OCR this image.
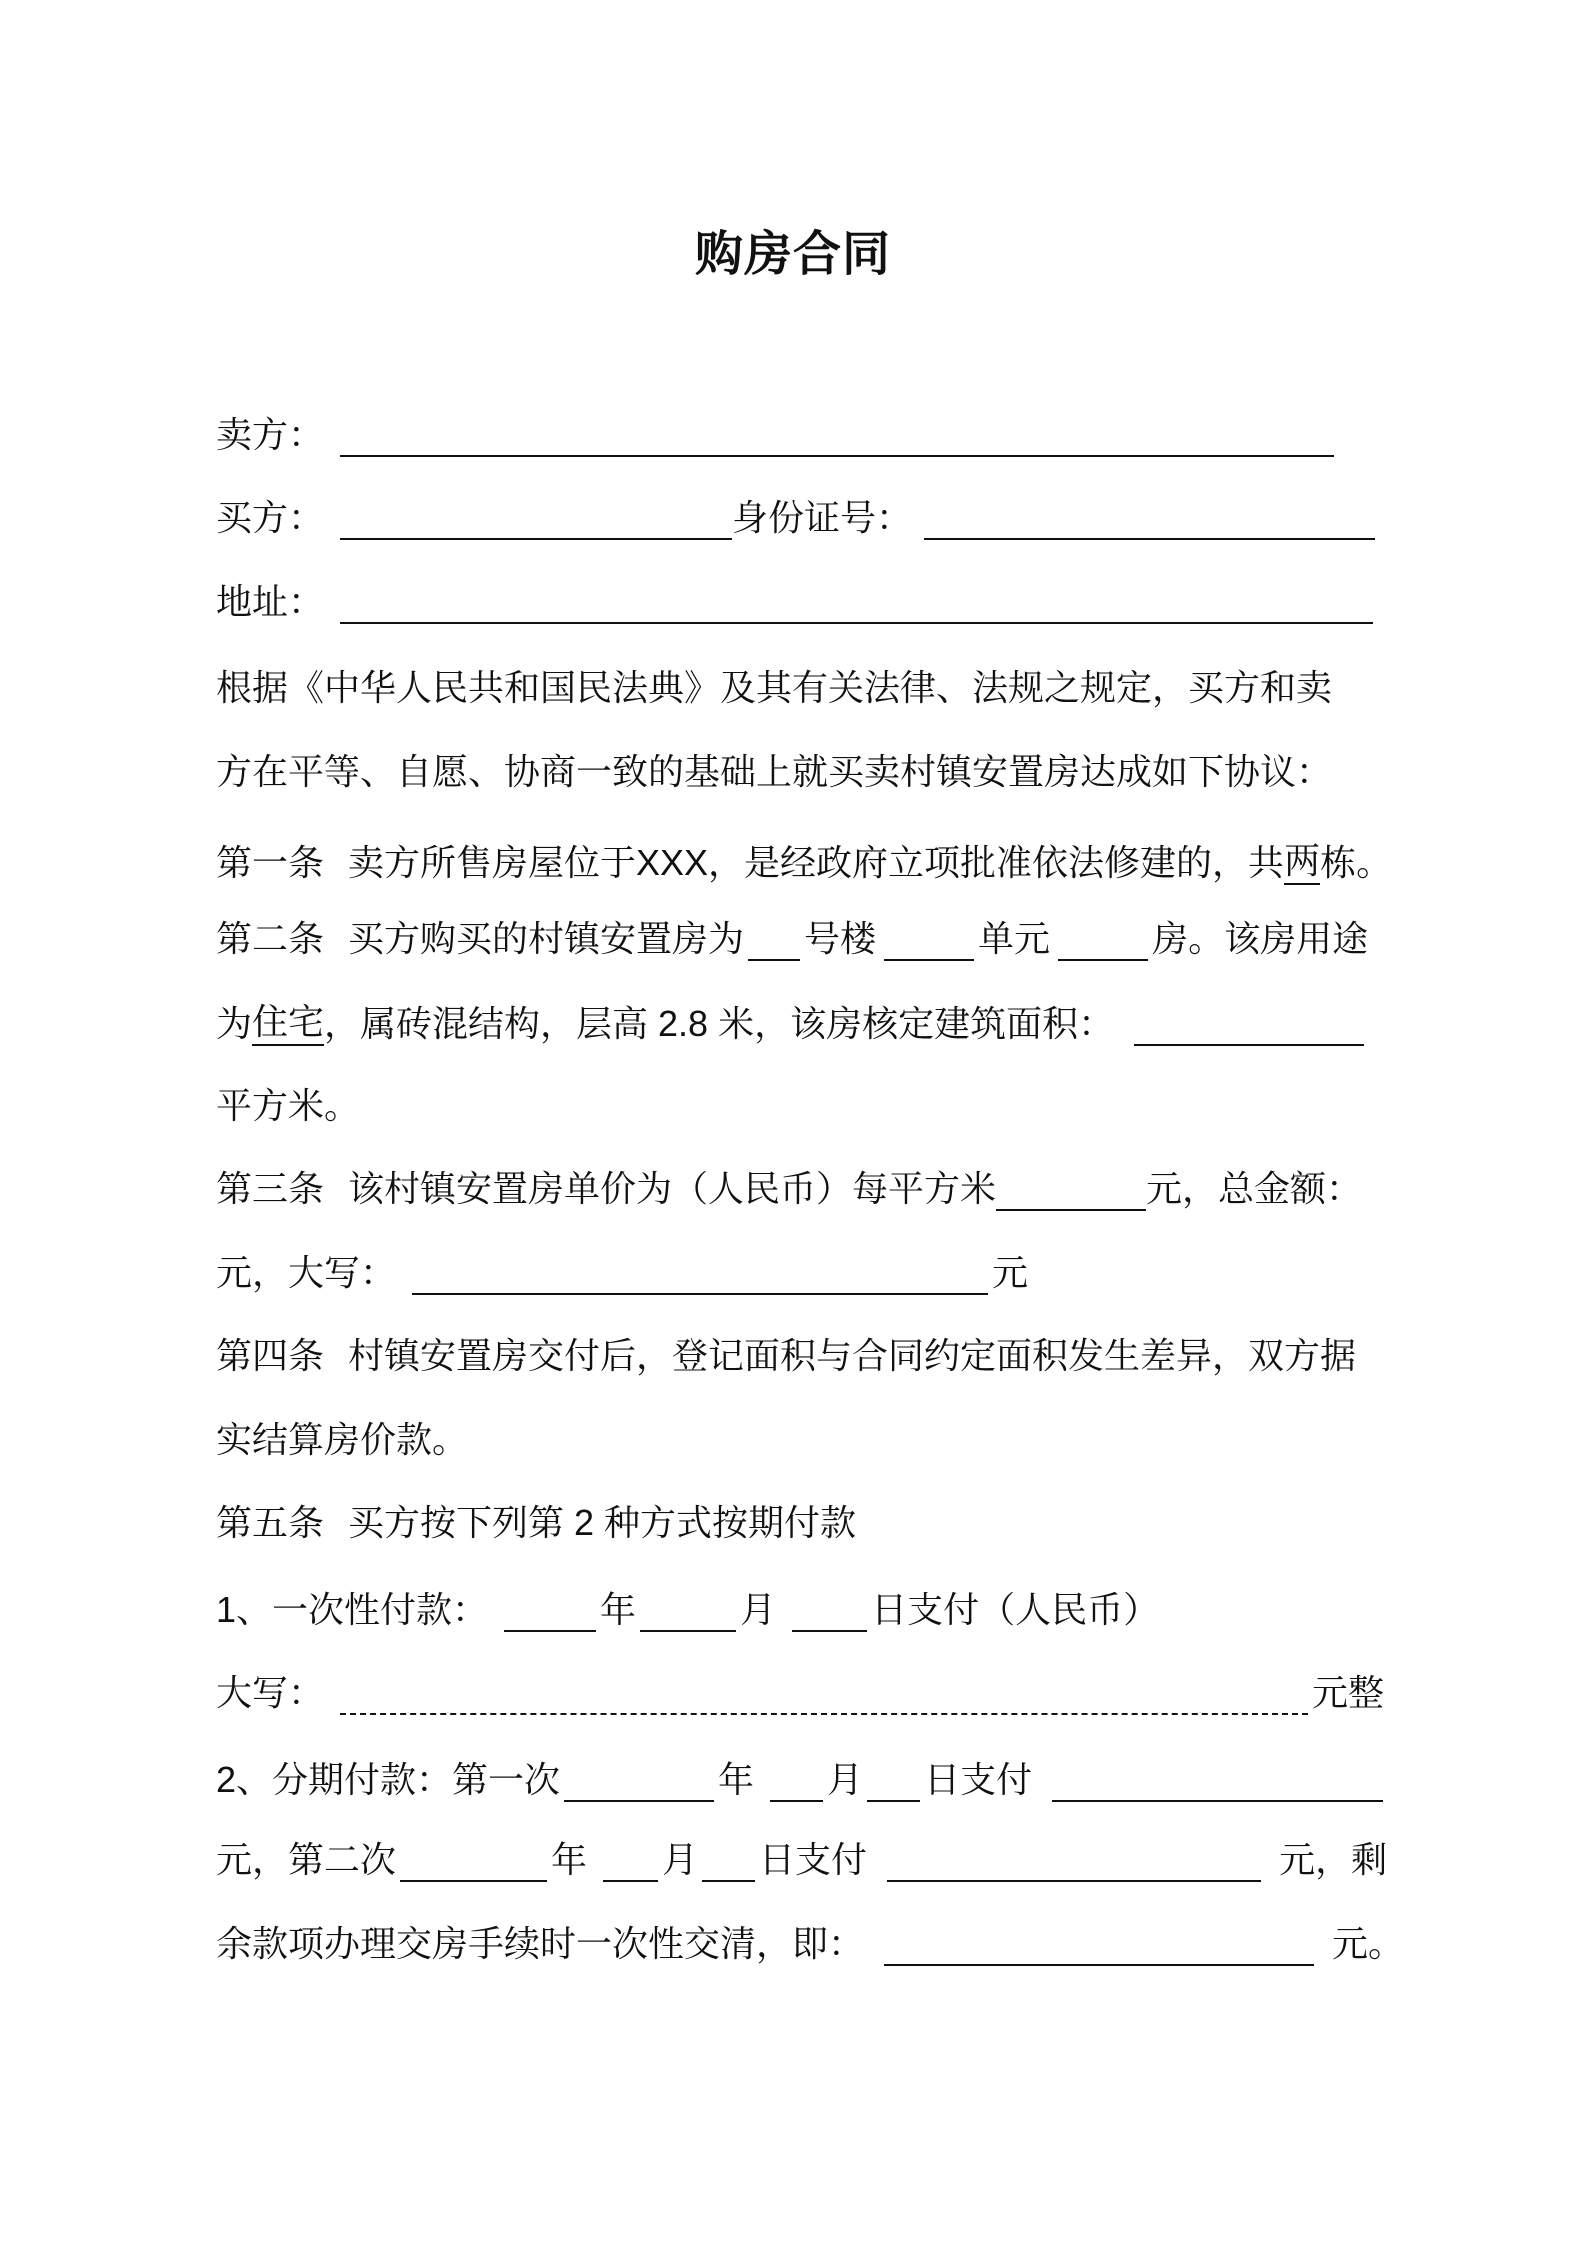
购房合同
卖方：
买方：	身份证号：
地址：
根据《中华人民共和国民法典》及其有关法律、法规之规定，买方和卖
方在平等、自愿、协商一致的基础上就买卖村镇安置房达成如下协议：
第一条 卖方所售房屋位于XXX，是经政府立项批准依法修建的，共 两 栋。
第二条 买方购买的村镇安置房为 号楼	单元	房。该房用途
为 住宅 ，属砖混结构，层高 2.8 米，该房核定建筑面积：
平方米。
第三条 该村镇安置房单价为（人民币）每平方米	元，总金额：
元，大写：	元
第四条 村镇安置房交付后，登记面积与合同约定面积发生差异，双方据
实结算房价款。
第五条 买方按下列第 2 种方式按期付款
1、一次性付款：	年	月	日支付（人民币）
大写：	元整
2、分期付款：第一次	年 月 日支付
元，第二次	年 月 日支付	元，剩
余款项办理交房手续时一次性交清，即：	元。
